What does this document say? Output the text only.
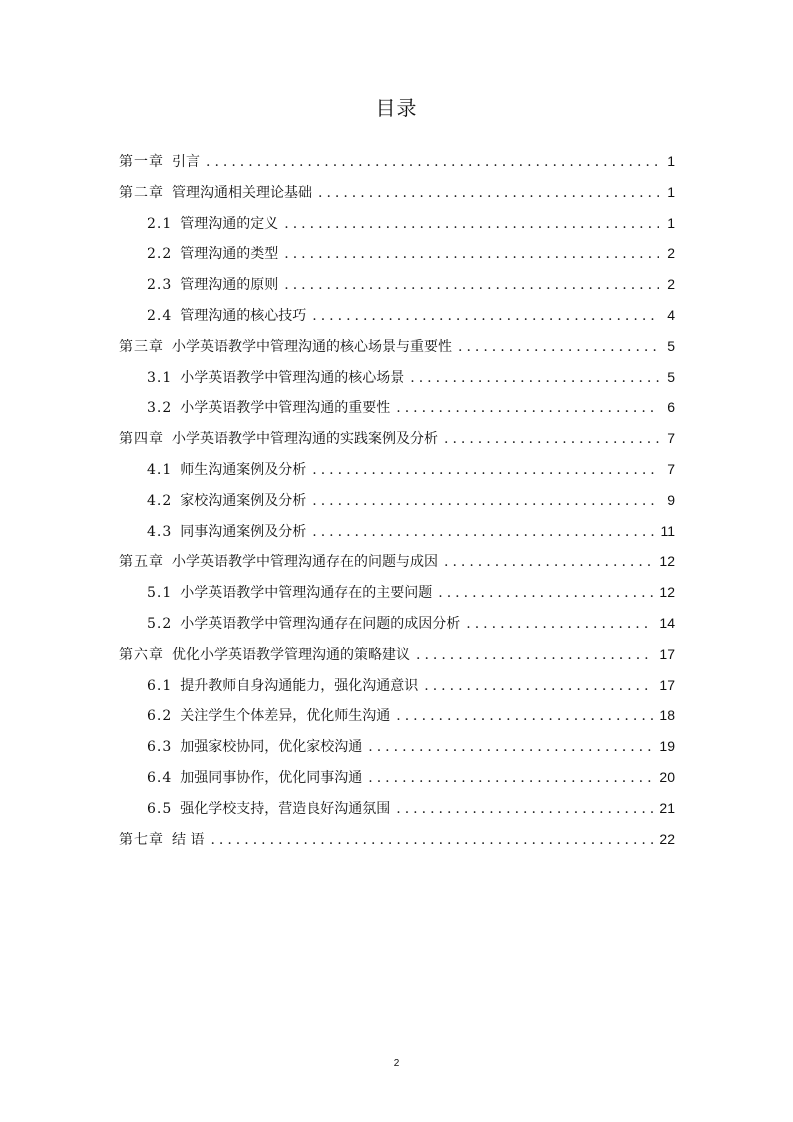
目录
第一章 引言 .....	1
第二章 管理沟通相关理论基础 .....	1
2.1 管理沟通的定义 .....	1
2.2 管理沟通的类型 .....	2
2.3 管理沟通的原则 .....	2
2.4 管理沟通的核心技巧 .....	4
第三章 小学英语教学中管理沟通的核心场景与重要性 .....	5
3.1 小学英语教学中管理沟通的核心场景 .....	5
3.2 小学英语教学中管理沟通的重要性 .....	6
第四章 小学英语教学中管理沟通的实践案例及分析 .....	7
4.1 师生沟通案例及分析 .....	7
4.2 家校沟通案例及分析 .....	9
4.3 同事沟通案例及分析 .....	11
第五章 小学英语教学中管理沟通存在的问题与成因 .....	12
5.1 小学英语教学中管理沟通存在的主要问题 .....	12
5.2 小学英语教学中管理沟通存在问题的成因分析 .....	14
第六章 优化小学英语教学管理沟通的策略建议 .....	17
6.1 提升教师自身沟通能力，强化沟通意识 .....	17
6.2 关注学生个体差异，优化师生沟通 .....	18
6.3 加强家校协同，优化家校沟通 .....	19
6.4 加强同事协作，优化同事沟通 .....	20
6.5 强化学校支持，营造良好沟通氛围 .....	21
第七章 结 语 .....	22
2
